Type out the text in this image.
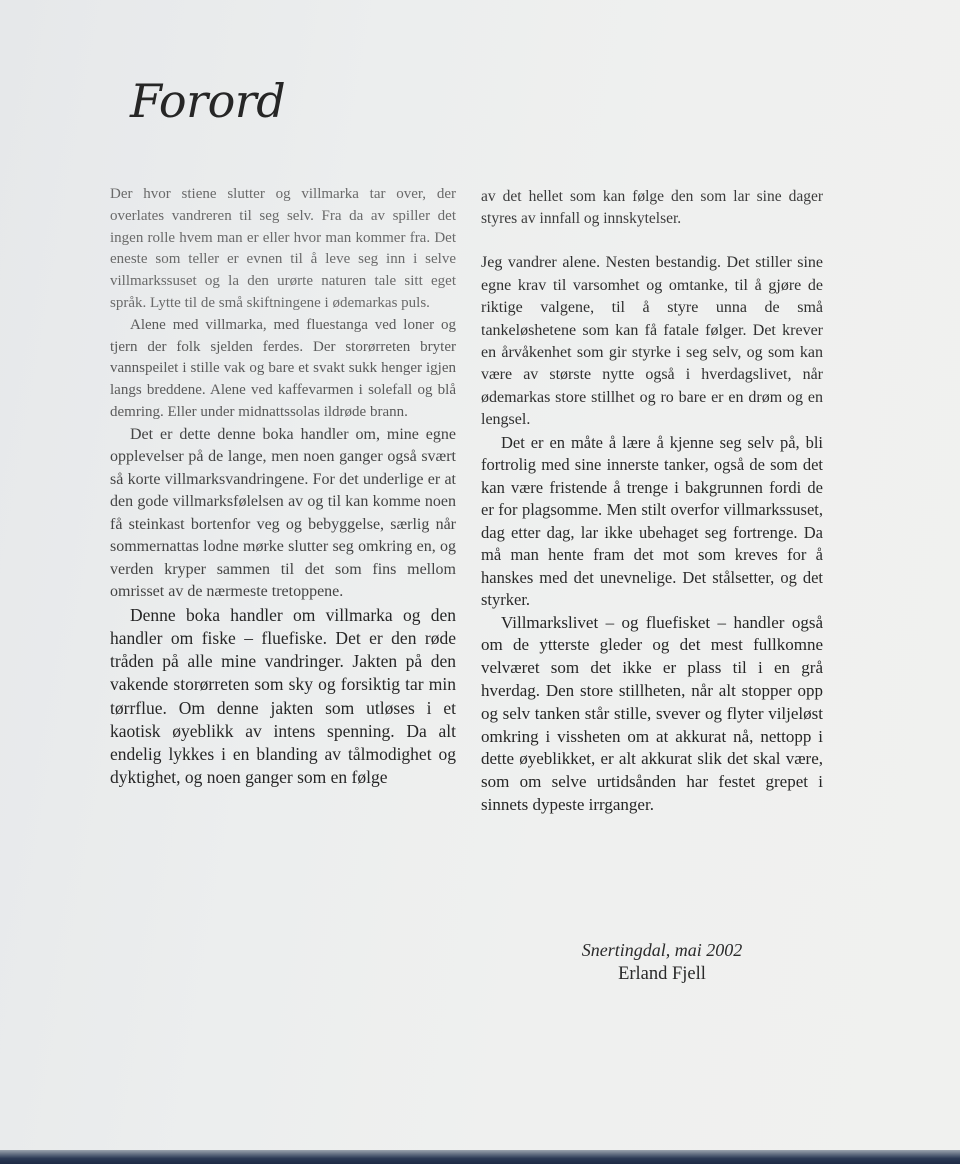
Forord

Der hvor stiene slutter og villmarka tar over, der overlates vandreren til seg selv. Fra da av spiller det ingen rolle hvem man er eller hvor man kommer fra. Det eneste som teller er evnen til å leve seg inn i selve villmarkssuset og la den urørte naturen tale sitt eget språk. Lytte til de små skiftningene i ødemarkas puls.

Alene med villmarka, med fluestanga ved loner og tjern der folk sjelden ferdes. Der storørreten bryter vannspeilet i stille vak og bare et svakt sukk henger igjen langs breddene. Alene ved kaffevarmen i solefall og blå demring. Eller under midnattssolas ildrøde brann.

Det er dette denne boka handler om, mine egne opplevelser på de lange, men noen ganger også svært så korte villmarksvandringene. For det underlige er at den gode villmarksfølelsen av og til kan komme noen få steinkast bortenfor veg og bebyggelse, særlig når sommernattas lodne mørke slutter seg omkring en, og verden kryper sammen til det som fins mellom omrisset av de nærmeste tretoppene.

Denne boka handler om villmarka og den handler om fiske – fluefiske. Det er den røde tråden på alle mine vandringer. Jakten på den vakende storørreten som sky og forsiktig tar min tørrflue. Om denne jakten som utløses i et kaotisk øyeblikk av intens spenning. Da alt endelig lykkes i en blanding av tålmodighet og dyktighet, og noen ganger som en følge

av det hellet som kan følge den som lar sine dager styres av innfall og innskytelser.

Jeg vandrer alene. Nesten bestandig. Det stiller sine egne krav til varsomhet og omtanke, til å gjøre de riktige valgene, til å styre unna de små tankeløshetene som kan få fatale følger. Det krever en årvåkenhet som gir styrke i seg selv, og som kan være av største nytte også i hverdagslivet, når ødemarkas store stillhet og ro bare er en drøm og en lengsel.

Det er en måte å lære å kjenne seg selv på, bli fortrolig med sine innerste tanker, også de som det kan være fristende å trenge i bakgrunnen fordi de er for plagsomme. Men stilt overfor villmarkssuset, dag etter dag, lar ikke ubehaget seg fortrenge. Da må man hente fram det mot som kreves for å hanskes med det unevnelige. Det stålsetter, og det styrker.

Villmarkslivet – og fluefisket – handler også om de ytterste gleder og det mest fullkomne velværet som det ikke er plass til i en grå hverdag. Den store stillheten, når alt stopper opp og selv tanken står stille, svever og flyter viljeløst omkring i vissheten om at akkurat nå, nettopp i dette øyeblikket, er alt akkurat slik det skal være, som om selve urtidsånden har festet grepet i sinnets dypeste irrganger.

Snertingdal, mai 2002
Erland Fjell
